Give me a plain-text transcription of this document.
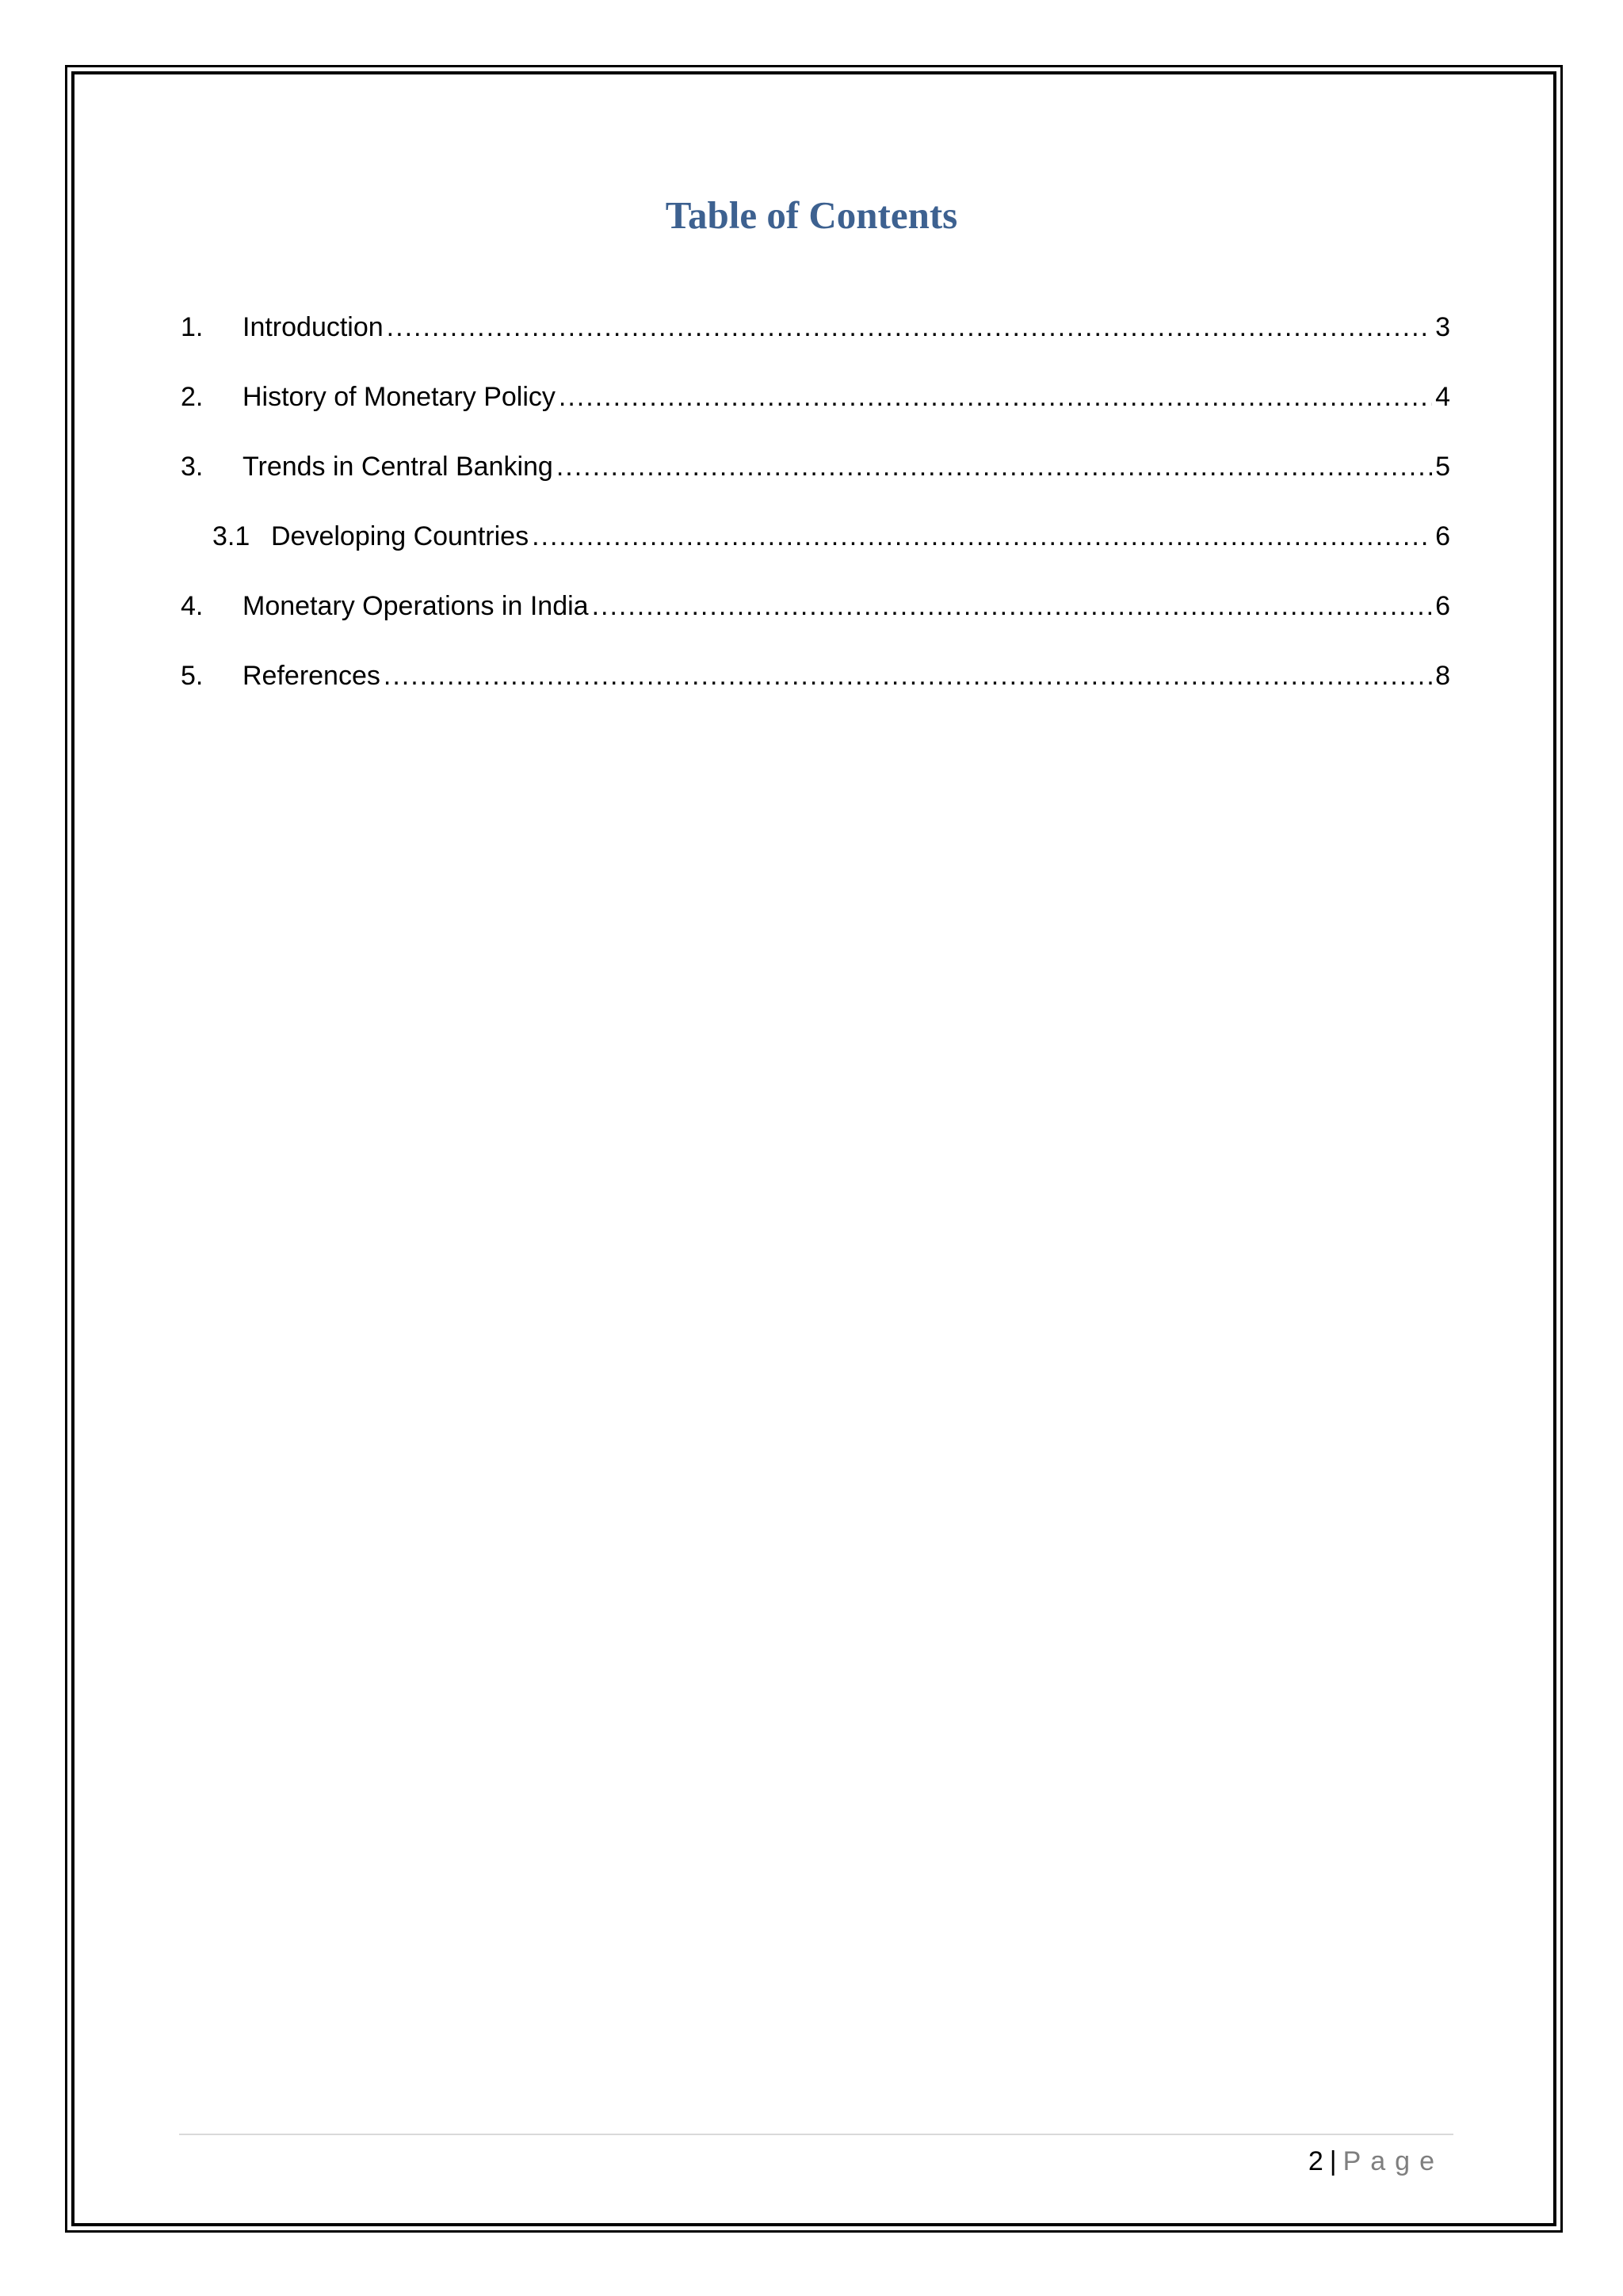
Table of Contents
1.	Introduction .....	3
2.	History of Monetary Policy .....	4
3.	Trends in Central Banking .....	5
3.1 Developing Countries .....	6
4.	Monetary Operations in India .....	6
5.	References .....	8
2 | Page
